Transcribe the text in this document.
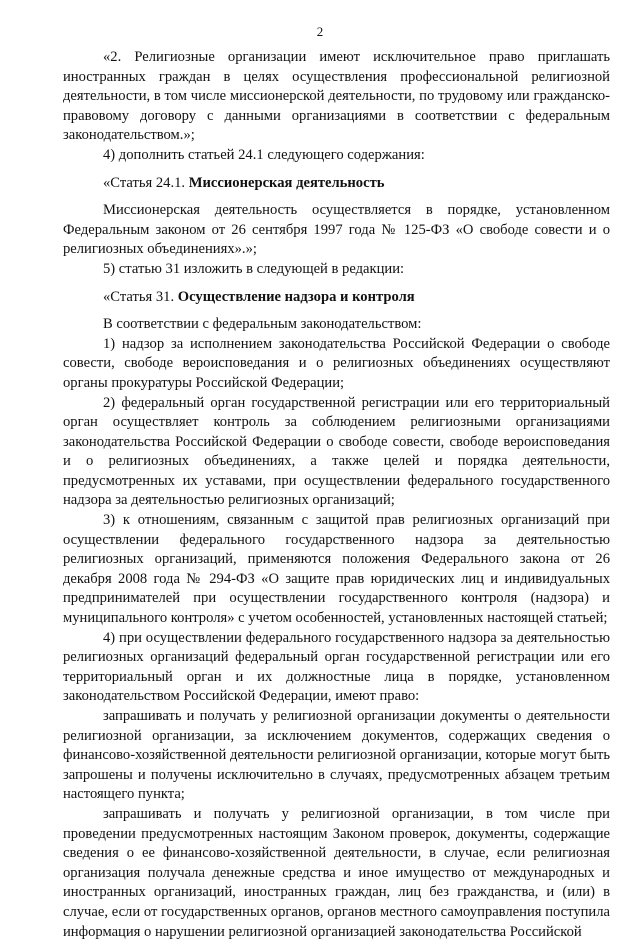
2

«2. Религиозные организации имеют исключительное право приглашать иностранных граждан в целях осуществления профессиональной религиозной деятельности, в том числе миссионерской деятельности, по трудовому или гражданско-правовому договору с данными организациями в соответствии с федеральным законодательством.»;

4) дополнить статьей 24.1 следующего содержания:

«Статья 24.1. Миссионерская деятельность

Миссионерская деятельность осуществляется в порядке, установленном Федеральным законом от 26 сентября 1997 года № 125-ФЗ «О свободе совести и о религиозных объединениях».»;

5) статью 31 изложить в следующей в редакции:

«Статья 31. Осуществление надзора и контроля

В соответствии с федеральным законодательством:

1) надзор за исполнением законодательства Российской Федерации о свободе совести, свободе вероисповедания и о религиозных объединениях осуществляют органы прокуратуры Российской Федерации;

2) федеральный орган государственной регистрации или его территориальный орган осуществляет контроль за соблюдением религиозными организациями законодательства Российской Федерации о свободе совести, свободе вероисповедания и о религиозных объединениях, а также целей и порядка деятельности, предусмотренных их уставами, при осуществлении федерального государственного надзора за деятельностью религиозных организаций;

3) к отношениям, связанным с защитой прав религиозных организаций при осуществлении федерального государственного надзора за деятельностью религиозных организаций, применяются положения Федерального закона от 26 декабря 2008 года № 294-ФЗ «О защите прав юридических лиц и индивидуальных предпринимателей при осуществлении государственного контроля (надзора) и муниципального контроля» с учетом особенностей, установленных настоящей статьей;

4) при осуществлении федерального государственного надзора за деятельностью религиозных организаций федеральный орган государственной регистрации или его территориальный орган и их должностные лица в порядке, установленном законодательством Российской Федерации, имеют право:

запрашивать и получать у религиозной организации документы о деятельности религиозной организации, за исключением документов, содержащих сведения о финансово-хозяйственной деятельности религиозной организации, которые могут быть запрошены и получены исключительно в случаях, предусмотренных абзацем третьим настоящего пункта;

запрашивать и получать у религиозной организации, в том числе при проведении предусмотренных настоящим Законом проверок, документы, содержащие сведения о ее финансово-хозяйственной деятельности, в случае, если религиозная организация получала денежные средства и иное имущество от международных и иностранных организаций, иностранных граждан, лиц без гражданства, и (или) в случае, если от государственных органов, органов местного самоуправления поступила информация о нарушении религиозной организацией законодательства Российской
